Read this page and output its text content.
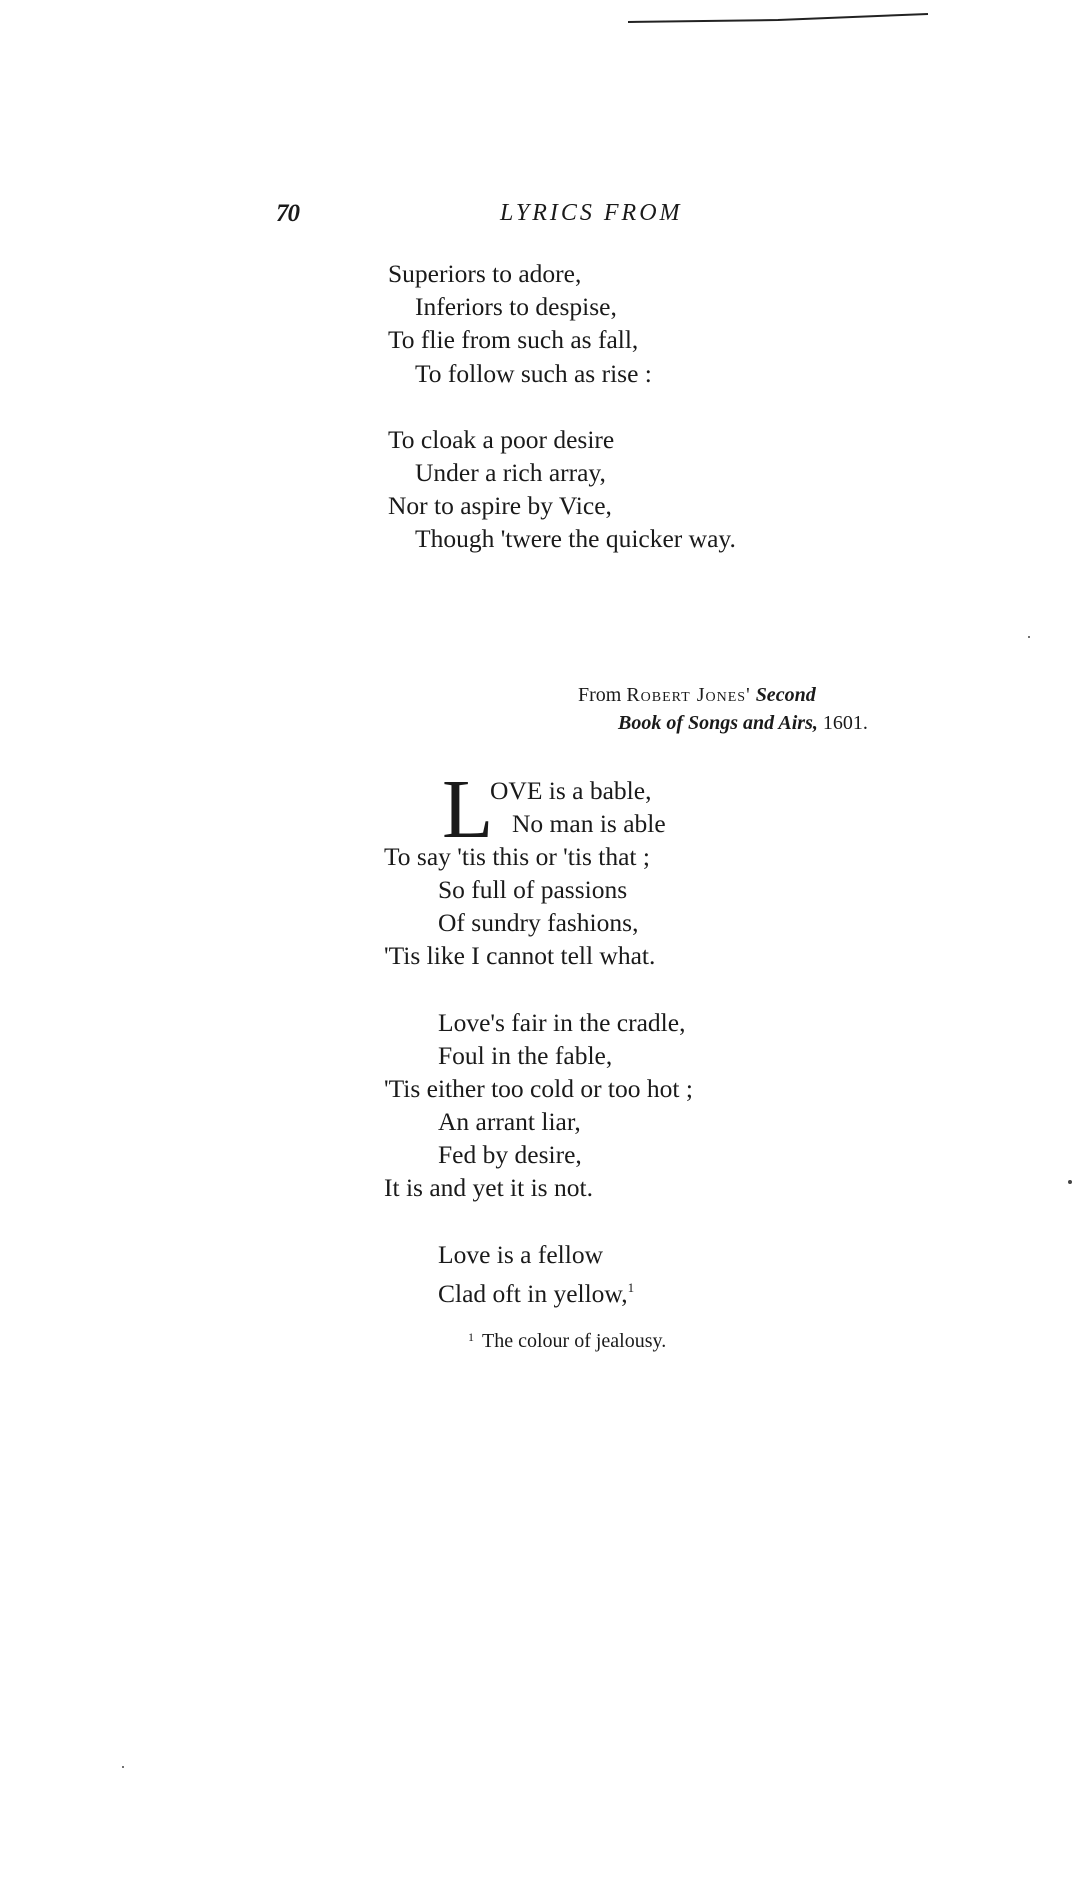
70	LYRICS FROM
Superiors to adore,
Inferiors to despise,
To flie from such as fall,
To follow such as rise :
To cloak a poor desire
Under a rich array,
Nor to aspire by Vice,
Though 'twere the quicker way.
From Robert Jones' Second
Book of Songs and Airs, 1601.
L
OVE is a bable,
No man is able
To say 'tis this or 'tis that ;
So full of passions
Of sundry fashions,
'Tis like I cannot tell what.
Love's fair in the cradle,
Foul in the fable,
'Tis either too cold or too hot ;
An arrant liar,
Fed by desire,
It is and yet it is not.
Love is a fellow
Clad oft in yellow,$^1$
$^1$ The colour of jealousy.
